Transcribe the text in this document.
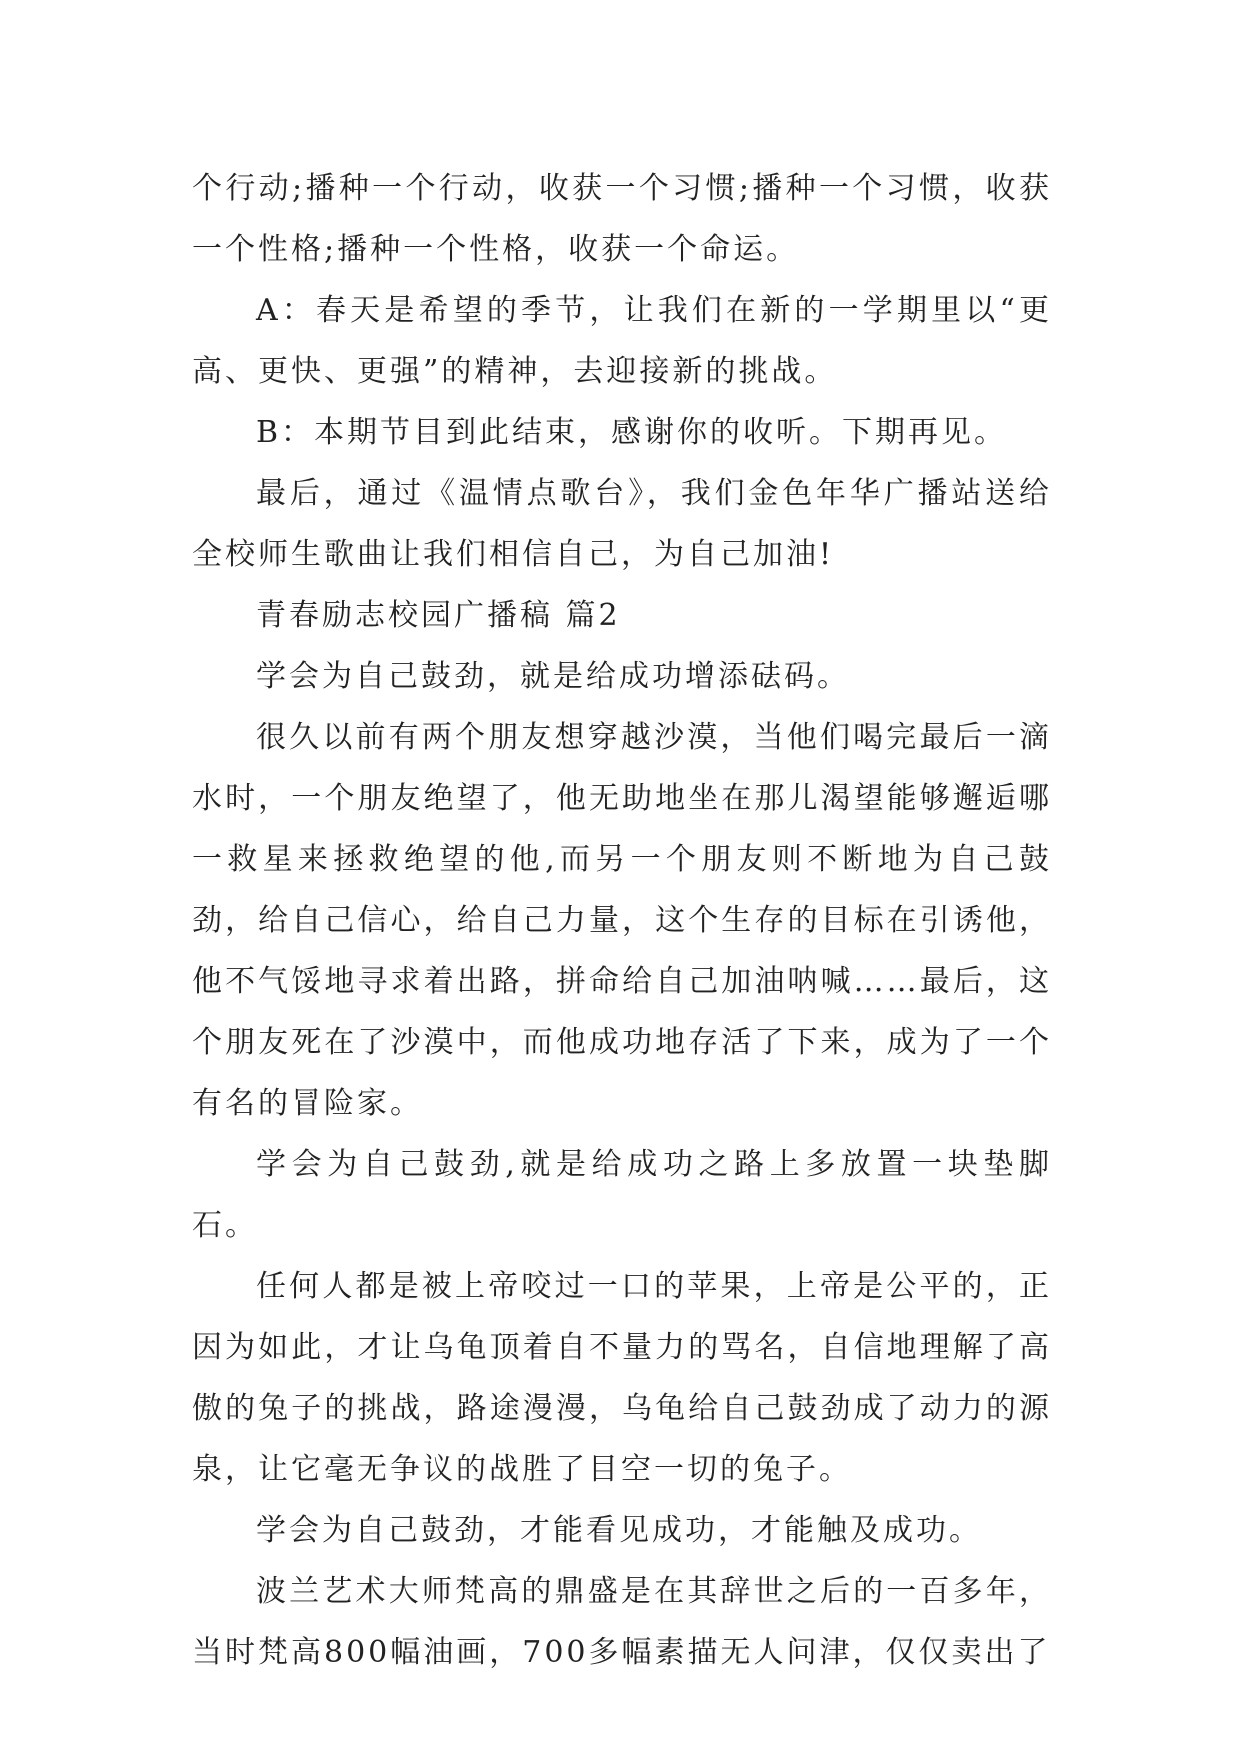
个行动;播种一个行动，收获一个习惯;播种一个习惯，收获一个性格;播种一个性格，收获一个命运。

A：春天是希望的季节，让我们在新的一学期里以“更高、更快、更强”的精神，去迎接新的挑战。

B：本期节目到此结束，感谢你的收听。下期再见。

最后，通过《温情点歌台》，我们金色年华广播站送给全校师生歌曲让我们相信自己，为自己加油!

青春励志校园广播稿 篇2

学会为自己鼓劲，就是给成功增添砝码。

很久以前有两个朋友想穿越沙漠，当他们喝完最后一滴水时，一个朋友绝望了，他无助地坐在那儿渴望能够邂逅哪一救星来拯救绝望的他,而另一个朋友则不断地为自己鼓劲，给自己信心，给自己力量，这个生存的目标在引诱他，他不气馁地寻求着出路，拼命给自己加油呐喊……最后，这个朋友死在了沙漠中，而他成功地存活了下来，成为了一个有名的冒险家。

学会为自己鼓劲,就是给成功之路上多放置一块垫脚石。

任何人都是被上帝咬过一口的苹果，上帝是公平的，正因为如此，才让乌龟顶着自不量力的骂名，自信地理解了高傲的兔子的挑战，路途漫漫，乌龟给自己鼓劲成了动力的源泉，让它毫无争议的战胜了目空一切的兔子。

学会为自己鼓劲，才能看见成功，才能触及成功。

波兰艺术大师梵高的鼎盛是在其辞世之后的一百多年，当时梵高800幅油画，700多幅素描无人问津，仅仅卖出了
